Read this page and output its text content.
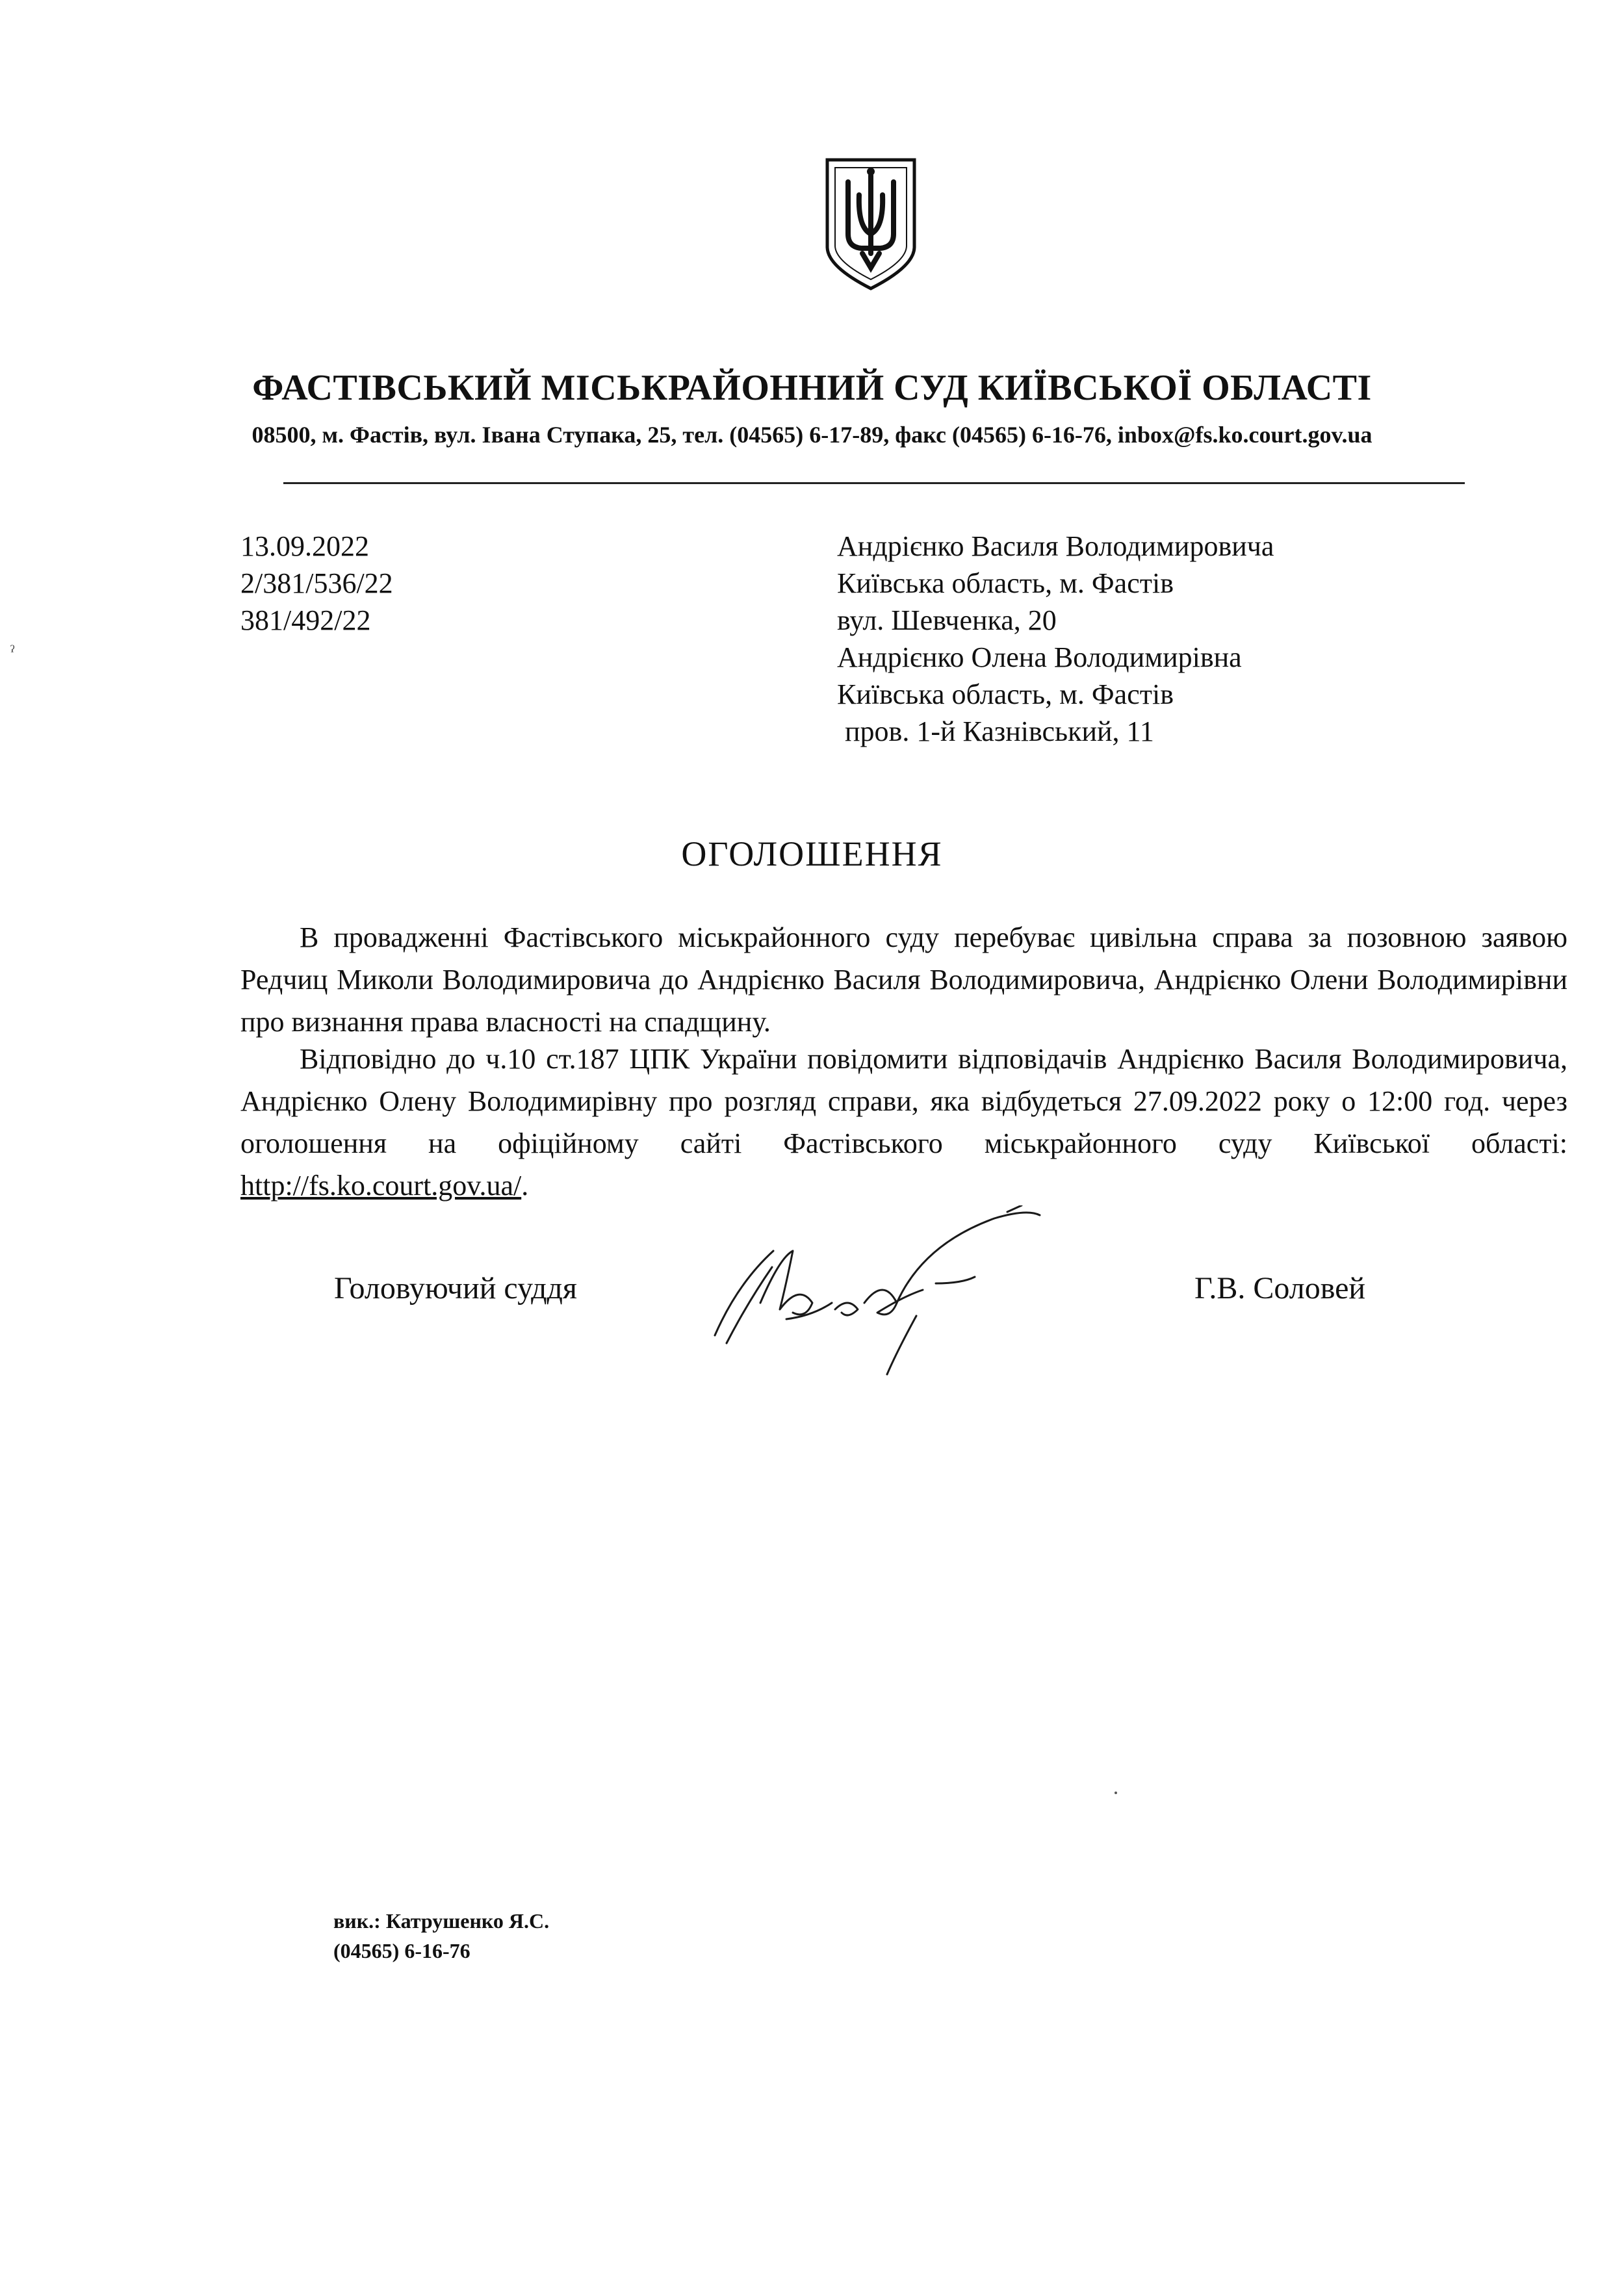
ФАСТІВСЬКИЙ МІСЬКРАЙОННИЙ СУД КИЇВСЬКОЇ ОБЛАСТІ
08500, м. Фастів, вул. Івана Ступака, 25, тел. (04565) 6-17-89, факс (04565) 6-16-76, inbox@fs.ko.court.gov.ua
13.09.2022
2/381/536/22
381/492/22
ˀ
Андрієнко Василя Володимировича
Київська область, м. Фастів
вул. Шевченка, 20
Андрієнко Олена Володимирівна
Київська область, м. Фастів
пров. 1-й Казнівський, 11
ОГОЛОШЕННЯ

В провадженні Фастівського міськрайонного суду перебуває цивільна справа за позовною заявою Редчиц Миколи Володимировича до Андрієнко Василя Володимировича, Андрієнко Олени Володимирівни про визнання права власності на спадщину.

Відповідно до ч.10 ст.187 ЦПК України повідомити відповідачів Андрієнко Василя Володимировича, Андрієнко Олену Володимирівну про розгляд справи, яка відбудеться 27.09.2022 року о 12:00 год. через оголошення на офіційному сайті Фастівського міськрайонного суду Київської області: http://fs.ko.court.gov.ua/.

Головуючий суддя	Г.В. Соловей
вик.: Катрушенко Я.С.
(04565) 6-16-76
